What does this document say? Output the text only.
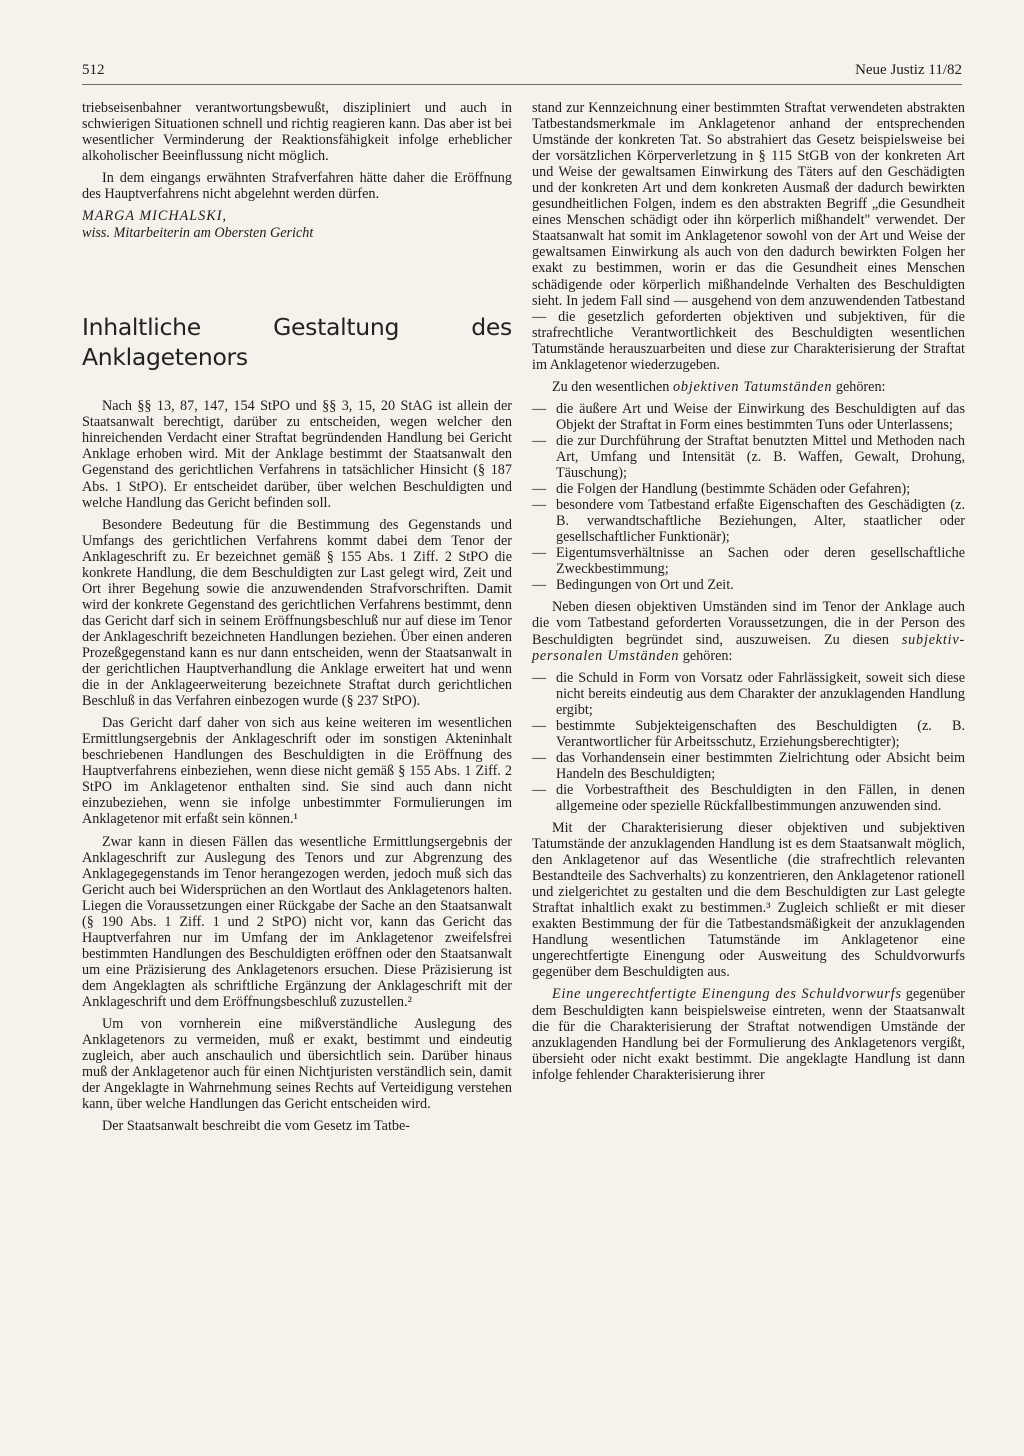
512	Neue Justiz 11/82

triebseisenbahner verantwortungsbewußt, diszipliniert und auch in schwierigen Situationen schnell und richtig reagieren kann. Das aber ist bei wesentlicher Verminderung der Reaktionsfähigkeit infolge erheblicher alkoholischer Beeinflussung nicht möglich.

In dem eingangs erwähnten Strafverfahren hätte daher die Eröffnung des Hauptverfahrens nicht abgelehnt werden dürfen.

MARGA MICHALSKI,
wiss. Mitarbeiterin am Obersten Gericht
Inhaltliche Gestaltung des Anklagetenors

Nach §§ 13, 87, 147, 154 StPO und §§ 3, 15, 20 StAG ist allein der Staatsanwalt berechtigt, darüber zu entscheiden, wegen welcher den hinreichenden Verdacht einer Straftat begründenden Handlung bei Gericht Anklage erhoben wird. Mit der Anklage bestimmt der Staatsanwalt den Gegenstand des gerichtlichen Verfahrens in tatsächlicher Hinsicht (§ 187 Abs. 1 StPO). Er entscheidet darüber, über welchen Beschuldigten und welche Handlung das Gericht befinden soll.

Besondere Bedeutung für die Bestimmung des Gegenstands und Umfangs des gerichtlichen Verfahrens kommt dabei dem Tenor der Anklageschrift zu. Er bezeichnet gemäß § 155 Abs. 1 Ziff. 2 StPO die konkrete Handlung, die dem Beschuldigten zur Last gelegt wird, Zeit und Ort ihrer Begehung sowie die anzuwendenden Strafvorschriften. Damit wird der konkrete Gegenstand des gerichtlichen Verfahrens bestimmt, denn das Gericht darf sich in seinem Eröffnungsbeschluß nur auf diese im Tenor der Anklageschrift bezeichneten Handlungen beziehen. Über einen anderen Prozeßgegenstand kann es nur dann entscheiden, wenn der Staatsanwalt in der gerichtlichen Hauptverhandlung die Anklage erweitert hat und wenn die in der Anklageerweiterung bezeichnete Straftat durch gerichtlichen Beschluß in das Verfahren einbezogen wurde (§ 237 StPO).

Das Gericht darf daher von sich aus keine weiteren im wesentlichen Ermittlungsergebnis der Anklageschrift oder im sonstigen Akteninhalt beschriebenen Handlungen des Beschuldigten in die Eröffnung des Hauptverfahrens einbeziehen, wenn diese nicht gemäß § 155 Abs. 1 Ziff. 2 StPO im Anklagetenor enthalten sind. Sie sind auch dann nicht einzubeziehen, wenn sie infolge unbestimmter Formulierungen im Anklagetenor mit erfaßt sein können.¹

Zwar kann in diesen Fällen das wesentliche Ermittlungsergebnis der Anklageschrift zur Auslegung des Tenors und zur Abgrenzung des Anklagegegenstands im Tenor herangezogen werden, jedoch muß sich das Gericht auch bei Widersprüchen an den Wortlaut des Anklagetenors halten. Liegen die Voraussetzungen einer Rückgabe der Sache an den Staatsanwalt (§ 190 Abs. 1 Ziff. 1 und 2 StPO) nicht vor, kann das Gericht das Hauptverfahren nur im Umfang der im Anklagetenor zweifelsfrei bestimmten Handlungen des Beschuldigten eröffnen oder den Staatsanwalt um eine Präzisierung des Anklagetenors ersuchen. Diese Präzisierung ist dem Angeklagten als schriftliche Ergänzung der Anklageschrift mit der Anklageschrift und dem Eröffnungsbeschluß zuzustellen.²

Um von vornherein eine mißverständliche Auslegung des Anklagetenors zu vermeiden, muß er exakt, bestimmt und eindeutig zugleich, aber auch anschaulich und übersichtlich sein. Darüber hinaus muß der Anklagetenor auch für einen Nichtjuristen verständlich sein, damit der Angeklagte in Wahrnehmung seines Rechts auf Verteidigung verstehen kann, über welche Handlungen das Gericht entscheiden wird.

Der Staatsanwalt beschreibt die vom Gesetz im Tatbe-

stand zur Kennzeichnung einer bestimmten Straftat verwendeten abstrakten Tatbestandsmerkmale im Anklagetenor anhand der entsprechenden Umstände der konkreten Tat. So abstrahiert das Gesetz beispielsweise bei der vorsätzlichen Körperverletzung in § 115 StGB von der konkreten Art und Weise der gewaltsamen Einwirkung des Täters auf den Geschädigten und der konkreten Art und dem konkreten Ausmaß der dadurch bewirkten gesundheitlichen Folgen, indem es den abstrakten Begriff „die Gesundheit eines Menschen schädigt oder ihn körperlich mißhandelt" verwendet. Der Staatsanwalt hat somit im Anklagetenor sowohl von der Art und Weise der gewaltsamen Einwirkung als auch von den dadurch bewirkten Folgen her exakt zu bestimmen, worin er das die Gesundheit eines Menschen schädigende oder körperlich mißhandelnde Verhalten des Beschuldigten sieht. In jedem Fall sind — ausgehend von dem anzuwendenden Tatbestand — die gesetzlich geforderten objektiven und subjektiven, für die strafrechtliche Verantwortlichkeit des Beschuldigten wesentlichen Tatumstände herauszuarbeiten und diese zur Charakterisierung der Straftat im Anklagetenor wiederzugeben.

Zu den wesentlichen objektiven Tatumständen gehören:

— die äußere Art und Weise der Einwirkung des Beschuldigten auf das Objekt der Straftat in Form eines bestimmten Tuns oder Unterlassens;
— die zur Durchführung der Straftat benutzten Mittel und Methoden nach Art, Umfang und Intensität (z. B. Waffen, Gewalt, Drohung, Täuschung);
— die Folgen der Handlung (bestimmte Schäden oder Gefahren);
— besondere vom Tatbestand erfaßte Eigenschaften des Geschädigten (z. B. verwandtschaftliche Beziehungen, Alter, staatlicher oder gesellschaftlicher Funktionär);
— Eigentumsverhältnisse an Sachen oder deren gesellschaftliche Zweckbestimmung;
— Bedingungen von Ort und Zeit.

Neben diesen objektiven Umständen sind im Tenor der Anklage auch die vom Tatbestand geforderten Voraussetzungen, die in der Person des Beschuldigten begründet sind, auszuweisen. Zu diesen subjektiv-personalen Umständen gehören:

— die Schuld in Form von Vorsatz oder Fahrlässigkeit, soweit sich diese nicht bereits eindeutig aus dem Charakter der anzuklagenden Handlung ergibt;
— bestimmte Subjekteigenschaften des Beschuldigten (z. B. Verantwortlicher für Arbeitsschutz, Erziehungsberechtigter);
— das Vorhandensein einer bestimmten Zielrichtung oder Absicht beim Handeln des Beschuldigten;
— die Vorbestraftheit des Beschuldigten in den Fällen, in denen allgemeine oder spezielle Rückfallbestimmungen anzuwenden sind.

Mit der Charakterisierung dieser objektiven und subjektiven Tatumstände der anzuklagenden Handlung ist es dem Staatsanwalt möglich, den Anklagetenor auf das Wesentliche (die strafrechtlich relevanten Bestandteile des Sachverhalts) zu konzentrieren, den Anklagetenor rationell und zielgerichtet zu gestalten und die dem Beschuldigten zur Last gelegte Straftat inhaltlich exakt zu bestimmen.³ Zugleich schließt er mit dieser exakten Bestimmung der für die Tatbestandsmäßigkeit der anzuklagenden Handlung wesentlichen Tatumstände im Anklagetenor eine ungerechtfertigte Einengung oder Ausweitung des Schuldvorwurfs gegenüber dem Beschuldigten aus.

Eine ungerechtfertigte Einengung des Schuldvorwurfs gegenüber dem Beschuldigten kann beispielsweise eintreten, wenn der Staatsanwalt die für die Charakterisierung der Straftat notwendigen Umstände der anzuklagenden Handlung bei der Formulierung des Anklagetenors vergißt, übersieht oder nicht exakt bestimmt. Die angeklagte Handlung ist dann infolge fehlender Charakterisierung ihrer
